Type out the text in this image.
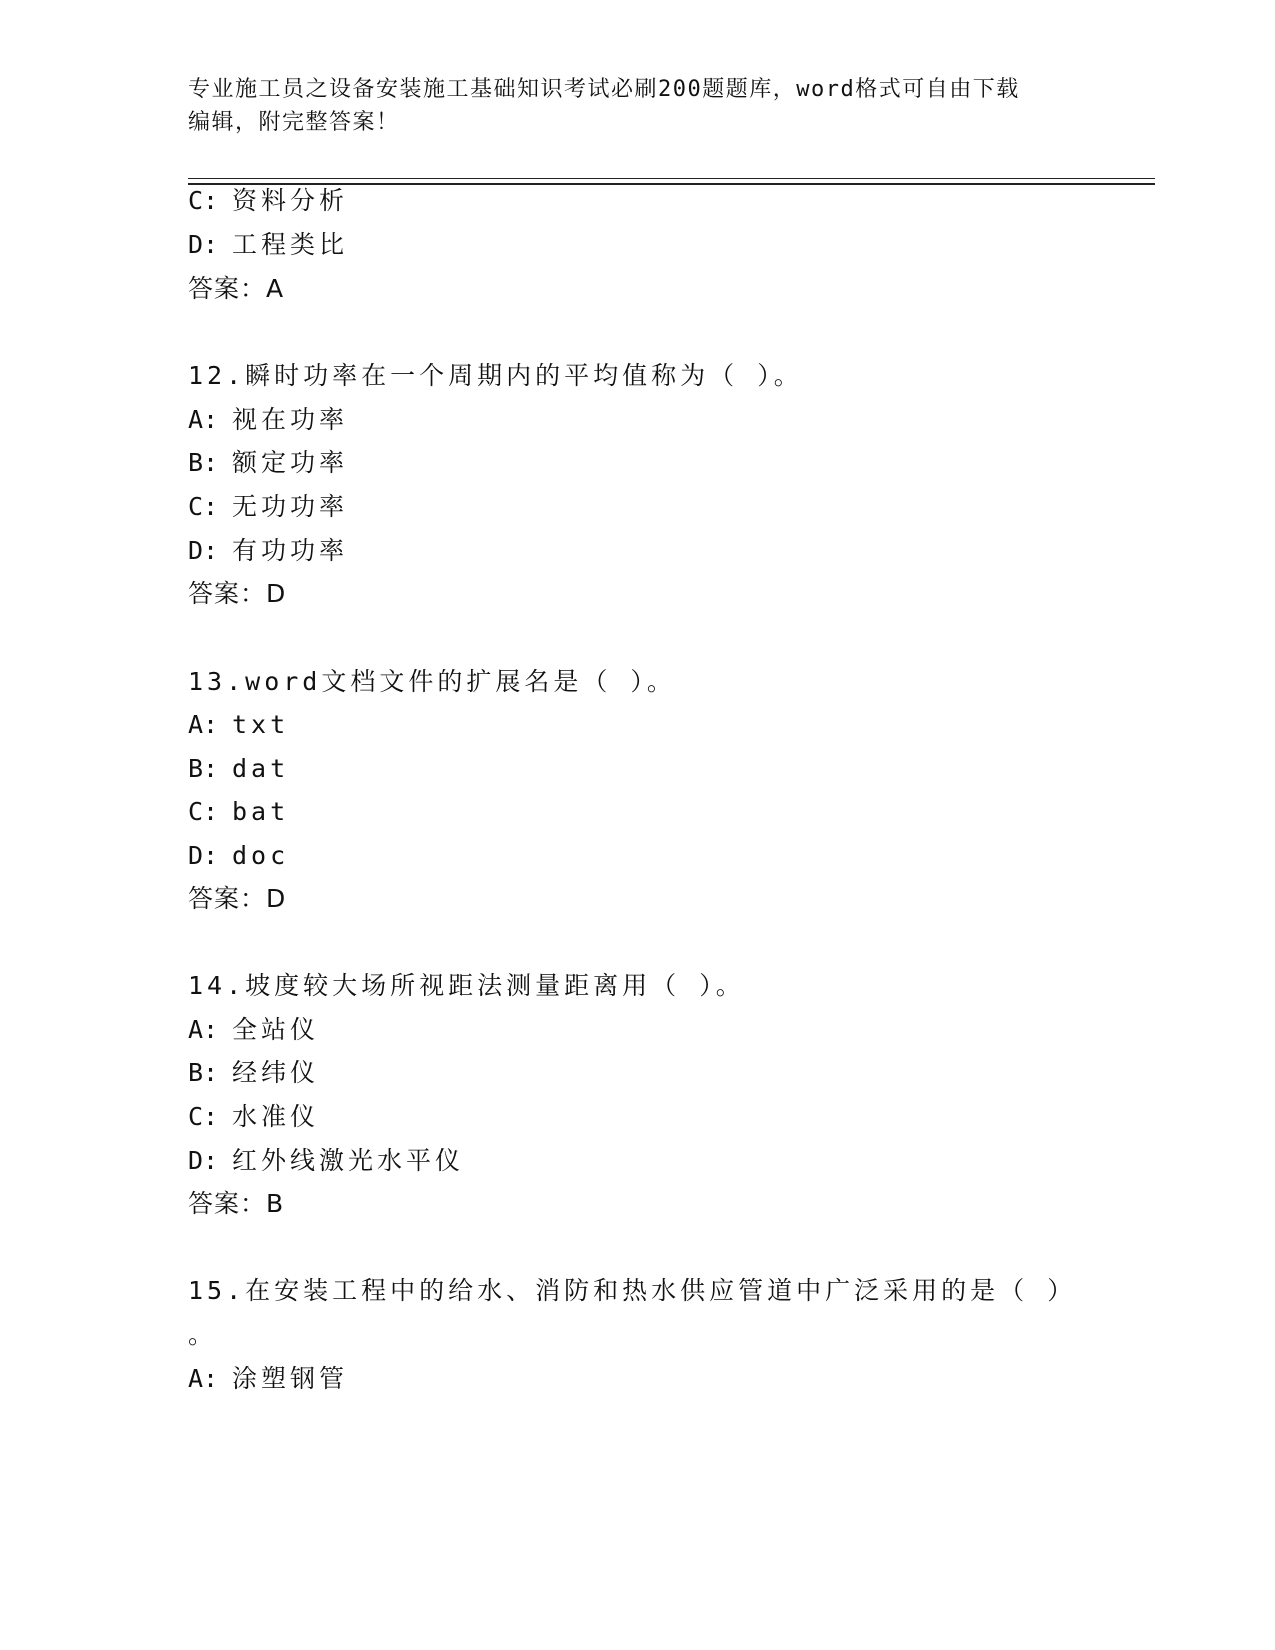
专业施工员之设备安装施工基础知识考试必刷200题题库，word格式可自由下载
编辑，附完整答案！
C: 资料分析
D: 工程类比
答案：A
12.瞬时功率在一个周期内的平均值称为（ ）。
A: 视在功率
B: 额定功率
C: 无功功率
D: 有功功率
答案：D
13.word文档文件的扩展名是（ ）。
A: txt
B: dat
C: bat
D: doc
答案：D
14.坡度较大场所视距法测量距离用（ ）。
A: 全站仪
B: 经纬仪
C: 水准仪
D: 红外线激光水平仪
答案：B
15.在安装工程中的给水、消防和热水供应管道中广泛采用的是（ ）
。
A: 涂塑钢管
